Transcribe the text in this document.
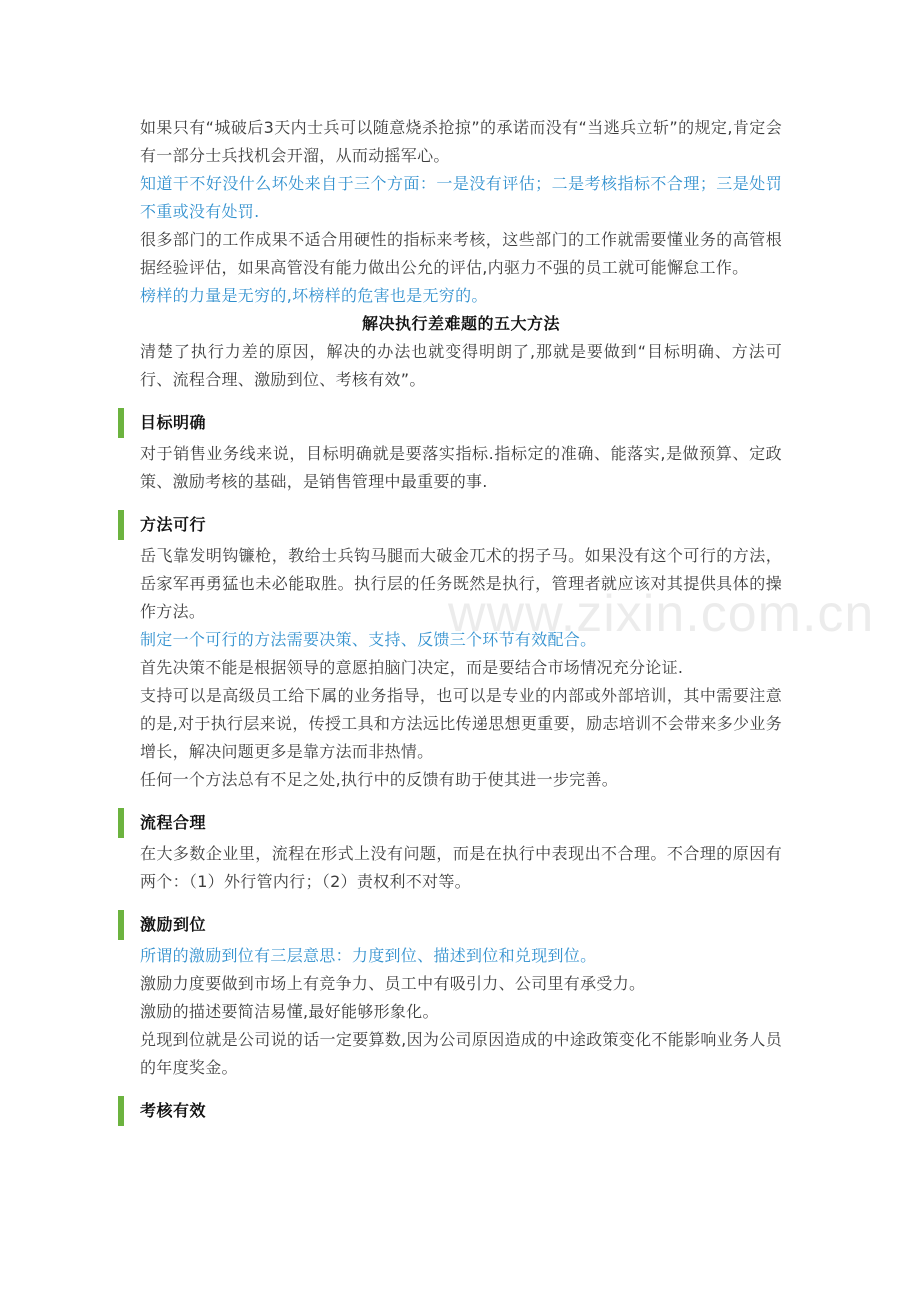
www.zixin.com.cn

如果只有“城破后3天内士兵可以随意烧杀抢掠”的承诺而没有“当逃兵立斩”的规定,肯定会有一部分士兵找机会开溜，从而动摇军心。

知道干不好没什么坏处来自于三个方面：一是没有评估；二是考核指标不合理；三是处罚不重或没有处罚.

很多部门的工作成果不适合用硬性的指标来考核，这些部门的工作就需要懂业务的高管根据经验评估，如果高管没有能力做出公允的评估,内驱力不强的员工就可能懈怠工作。

榜样的力量是无穷的,坏榜样的危害也是无穷的。

解决执行差难题的五大方法

清楚了执行力差的原因，解决的办法也就变得明朗了,那就是要做到“目标明确、方法可行、流程合理、激励到位、考核有效”。

目标明确

对于销售业务线来说，目标明确就是要落实指标.指标定的准确、能落实,是做预算、定政策、激励考核的基础，是销售管理中最重要的事.

方法可行

岳飞靠发明钩镰枪，教给士兵钩马腿而大破金兀术的拐子马。如果没有这个可行的方法，岳家军再勇猛也未必能取胜。执行层的任务既然是执行，管理者就应该对其提供具体的操作方法。

制定一个可行的方法需要决策、支持、反馈三个环节有效配合。

首先决策不能是根据领导的意愿拍脑门决定，而是要结合市场情况充分论证.

支持可以是高级员工给下属的业务指导，也可以是专业的内部或外部培训，其中需要注意的是,对于执行层来说，传授工具和方法远比传递思想更重要，励志培训不会带来多少业务增长，解决问题更多是靠方法而非热情。

任何一个方法总有不足之处,执行中的反馈有助于使其进一步完善。

流程合理

在大多数企业里，流程在形式上没有问题，而是在执行中表现出不合理。不合理的原因有两个：（1）外行管内行；（2）责权利不对等。

激励到位

所谓的激励到位有三层意思：力度到位、描述到位和兑现到位。

激励力度要做到市场上有竞争力、员工中有吸引力、公司里有承受力。

激励的描述要简洁易懂,最好能够形象化。

兑现到位就是公司说的话一定要算数,因为公司原因造成的中途政策变化不能影响业务人员的年度奖金。

考核有效
